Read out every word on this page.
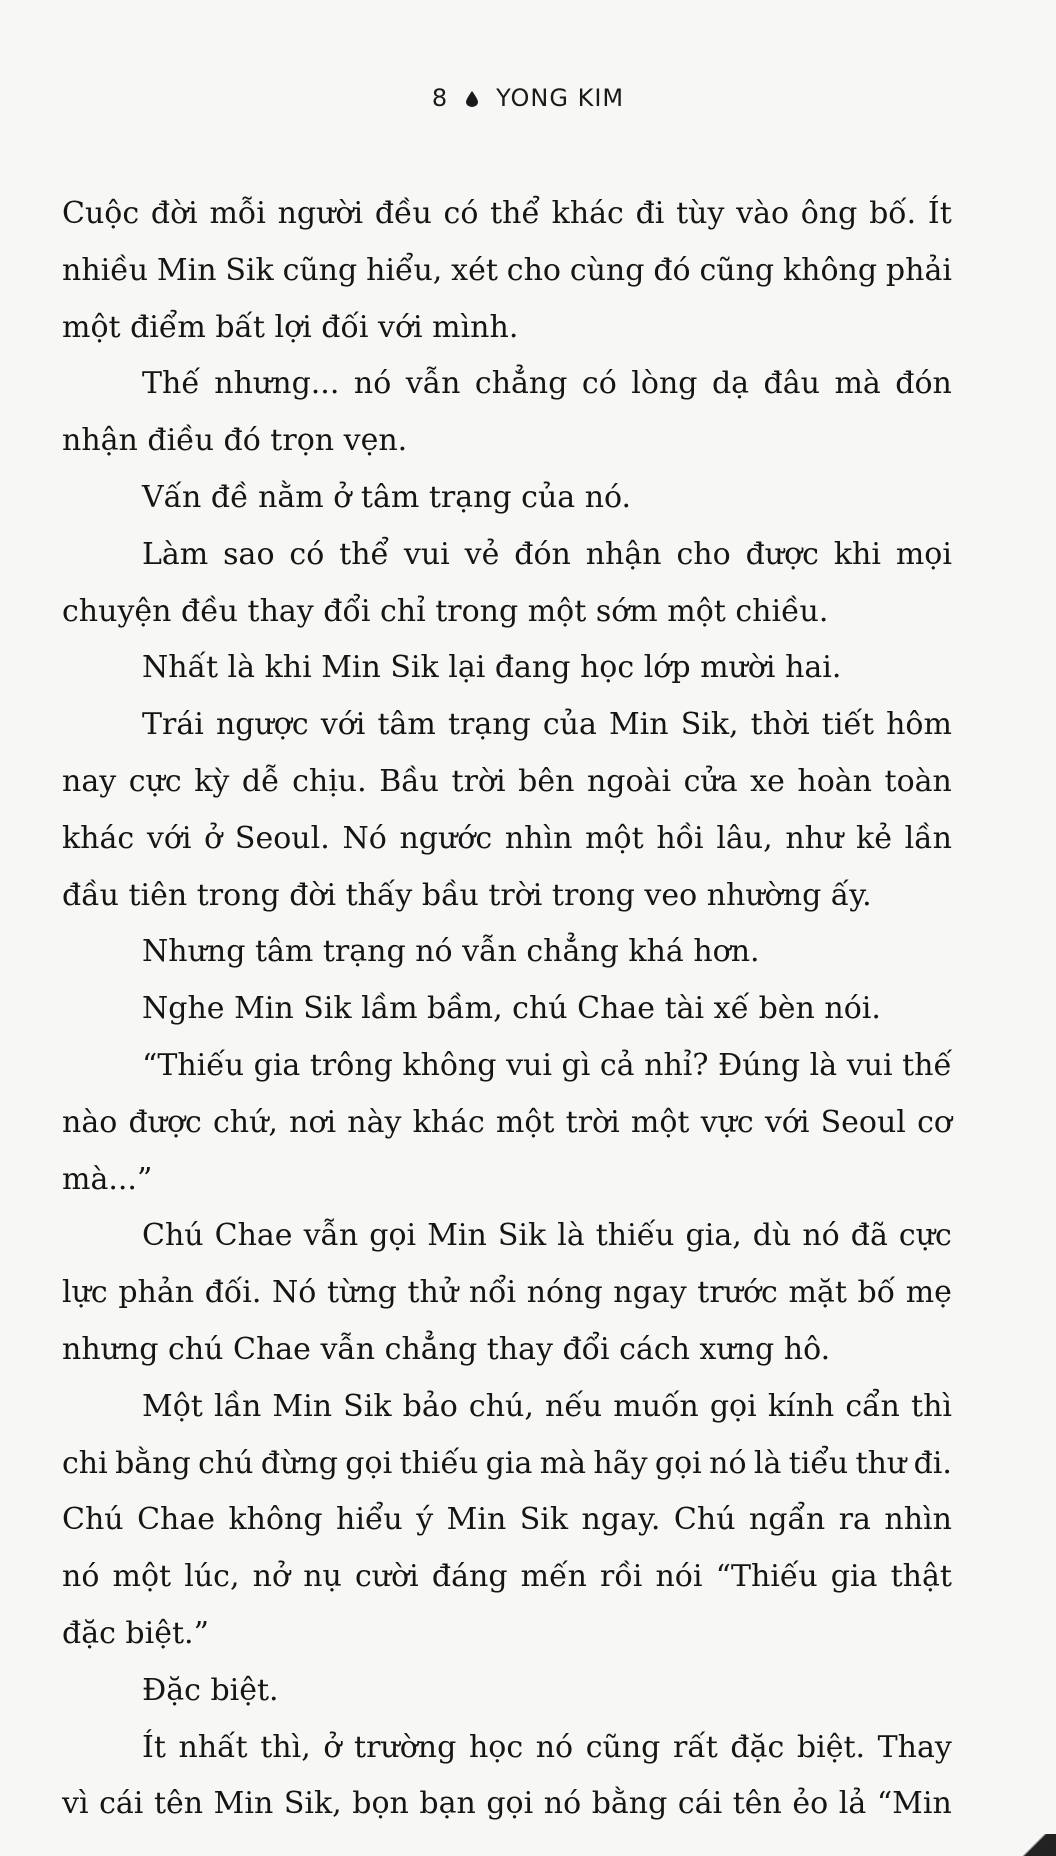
8 YONG KIM
Cuộc đời mỗi người đều có thể khác đi tùy vào ông bố. Ít
nhiều Min Sik cũng hiểu, xét cho cùng đó cũng không phải
một điểm bất lợi đối với mình.
Thế nhưng... nó vẫn chẳng có lòng dạ đâu mà đón
nhận điều đó trọn vẹn.
Vấn đề nằm ở tâm trạng của nó.
Làm sao có thể vui vẻ đón nhận cho được khi mọi
chuyện đều thay đổi chỉ trong một sớm một chiều.
Nhất là khi Min Sik lại đang học lớp mười hai.
Trái ngược với tâm trạng của Min Sik, thời tiết hôm
nay cực kỳ dễ chịu. Bầu trời bên ngoài cửa xe hoàn toàn
khác với ở Seoul. Nó ngước nhìn một hồi lâu, như kẻ lần
đầu tiên trong đời thấy bầu trời trong veo nhường ấy.
Nhưng tâm trạng nó vẫn chẳng khá hơn.
Nghe Min Sik lầm bầm, chú Chae tài xế bèn nói.
“Thiếu gia trông không vui gì cả nhỉ? Đúng là vui thế
nào được chứ, nơi này khác một trời một vực với Seoul cơ
mà...”
Chú Chae vẫn gọi Min Sik là thiếu gia, dù nó đã cực
lực phản đối. Nó từng thử nổi nóng ngay trước mặt bố mẹ
nhưng chú Chae vẫn chẳng thay đổi cách xưng hô.
Một lần Min Sik bảo chú, nếu muốn gọi kính cẩn thì
chi bằng chú đừng gọi thiếu gia mà hãy gọi nó là tiểu thư đi.
Chú Chae không hiểu ý Min Sik ngay. Chú ngẩn ra nhìn
nó một lúc, nở nụ cười đáng mến rồi nói “Thiếu gia thật
đặc biệt.”
Đặc biệt.
Ít nhất thì, ở trường học nó cũng rất đặc biệt. Thay
vì cái tên Min Sik, bọn bạn gọi nó bằng cái tên ẻo lả “Min
